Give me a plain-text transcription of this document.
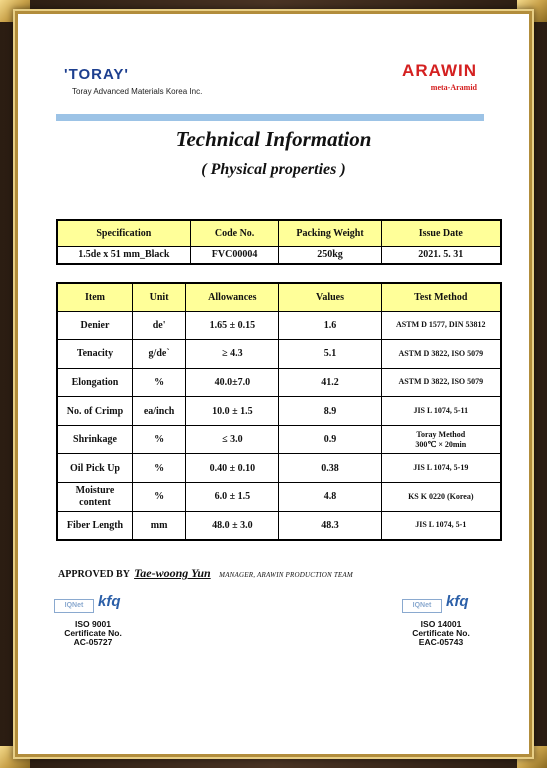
'TORAY'
Toray Advanced Materials Korea Inc.
ARAWIN
meta-Aramid
Technical Information
( Physical properties )
Specification	Code No.	Packing Weight	Issue Date
1.5de x 51 mm_Black	FVC00004	250kg	2021. 5. 31
Item	Unit	Allowances	Values	Test Method
Denier	de'	1.65 ± 0.15	1.6	ASTM D 1577, DIN 53812
Tenacity	g/de`	≥ 4.3	5.1	ASTM D 3822, ISO 5079
Elongation	%	40.0±7.0	41.2	ASTM D 3822, ISO 5079
No. of Crimp	ea/inch	10.0 ± 1.5	8.9	JIS L 1074, 5-11
Shrinkage	%	≤ 3.0	0.9	Toray Method
300℃ × 20min

Oil Pick Up	%	0.40 ± 0.10	0.38	JIS L 1074, 5-19

Moisture
content	%	6.0 ± 1.5	4.8	KS K 0220 (Korea)
Fiber Length	mm	48.0 ± 3.0	48.3	JIS L 1074, 5-1
APPROVED BY Tae-woong Yun MANAGER, ARAWIN PRODUCTION TEAM
IQNet kfq
ISO 9001
Certificate No.
AC-05727
IQNet kfq
ISO 14001
Certificate No.
EAC-05743
